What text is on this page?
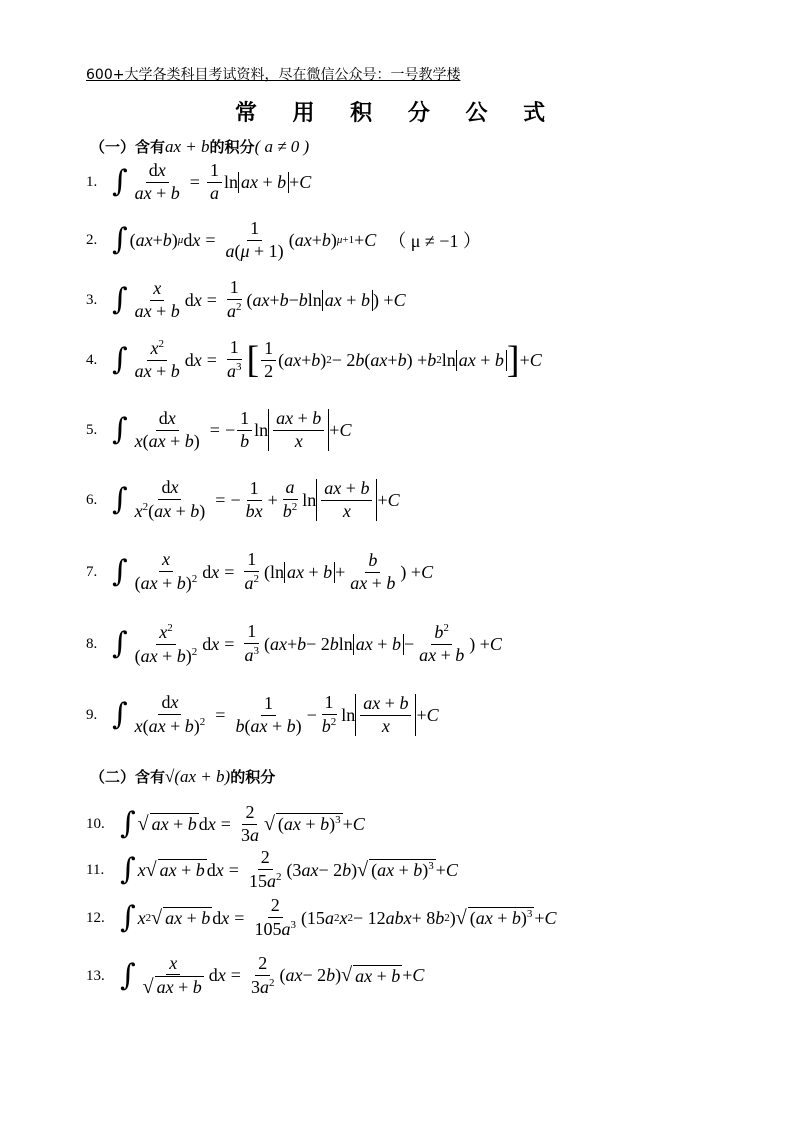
600+大学各类科目考试资料，尽在微信公众号：一号教学楼
常 用 积 分 公 式
（一）含有ax + b的积分( a ≠ 0 )
1. ∫ $\frac{dx}{ax + b} = \frac{1}{a}$ ln ax + b + C
2. ∫ ( ax + b ) μ d $x = \frac{1}{a(\mu + 1)}$ ( ax + b ) μ+1 + C （ μ ≠ −1 ）
3. ∫ $\frac{x}{ax + b}$ d $x = \frac{1}{a^2}$ ( ax + b − b ln ax + b ) + C
4. ∫ $\frac{x^2}{ax + b}$ d $x = \frac{1}{a^3}$ [ $\frac{1}{2}$ ( ax + b ) 2 − 2 b ( ax + b ) + b 2 ln ax + b ] + C
5. ∫ $\frac{dx}{x(ax + b)}$ = − $\frac{1}{b}$ $\ln \frac{ax + b}{x} + C$
6. ∫ $\frac{dx}{x^2(ax + b)}$ = − $\frac{1}{bx} + \frac{a}{b^2}$ $\ln \frac{ax + b}{x} + C$
7. ∫ $\frac{x}{(ax + b)^2}$ d $x = \frac{1}{a^2} (\ln$ ax + $b + \frac{b}{ax + b}$ ) + C
8. ∫ $\frac{x^2}{(ax + b)^2}$ d $x = \frac{1}{a^3}$ ( ax + b − 2 b ln ax + $b - \frac{b^2}{ax + b}$ ) + C
9. ∫ $\frac{dx}{x(ax + b)^2} = \frac{1}{b(ax + b)} - \frac{1}{b^2}$ $\ln \frac{ax + b}{x} + C$
（二）含有√(ax + b)的积分
10. ∫ √ ax + b d $x = \frac{2}{3a}$ √ (ax + b)$^3$ + C
11. ∫ x √ ax + b d $x = \frac{2}{15a^2} (3$ ax − 2 b ) √ (ax + b)$^3$ + C
12. ∫ x 2 √ ax + b d $x = \frac{2}{105a^3} (15$ a 2 x 2 − 12 abx + 8 b 2 ) √ (ax + b)$^3$ + C
13. ∫ $\frac{x}{√ ax + b}$ d $x = \frac{2}{3a^2}$ ( ax − 2 b ) √ ax + b + C
